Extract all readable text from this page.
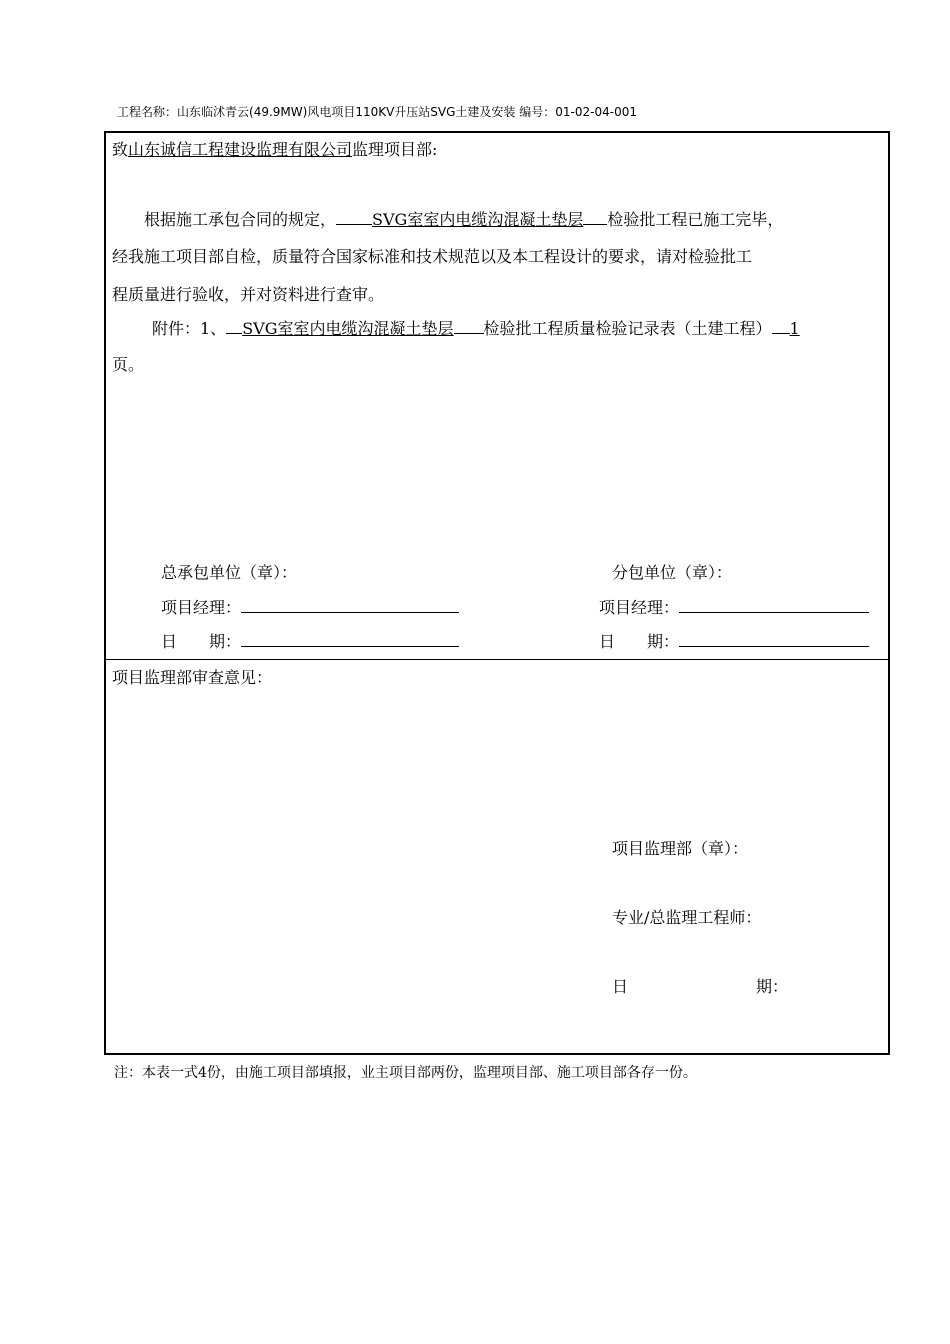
工程名称：山东临沭青云(49.9MW)风电项目110KV升压站SVG土建及安装 编号：01-02-04-001
致山东诚信工程建设监理有限公司监理项目部:
根据施工承包合同的规定， SVG室室内电缆沟混凝土垫层 检验批工程已施工完毕，
经我施工项目部自检，质量符合国家标准和技术规范以及本工程设计的要求，请对检验批工
程质量进行验收，并对资料进行查审。
附件：1、 SVG室室内电缆沟混凝土垫层 检验批工程质量检验记录表（土建工程） 1
页。
总承包单位（章）：	分包单位（章）：
项目经理：	项目经理：
日　　期：	日　　期：
项目监理部审查意见：
项目监理部（章）：
专业/总监理工程师：
日	期：
注：本表一式4份，由施工项目部填报，业主项目部两份，监理项目部、施工项目部各存一份。
